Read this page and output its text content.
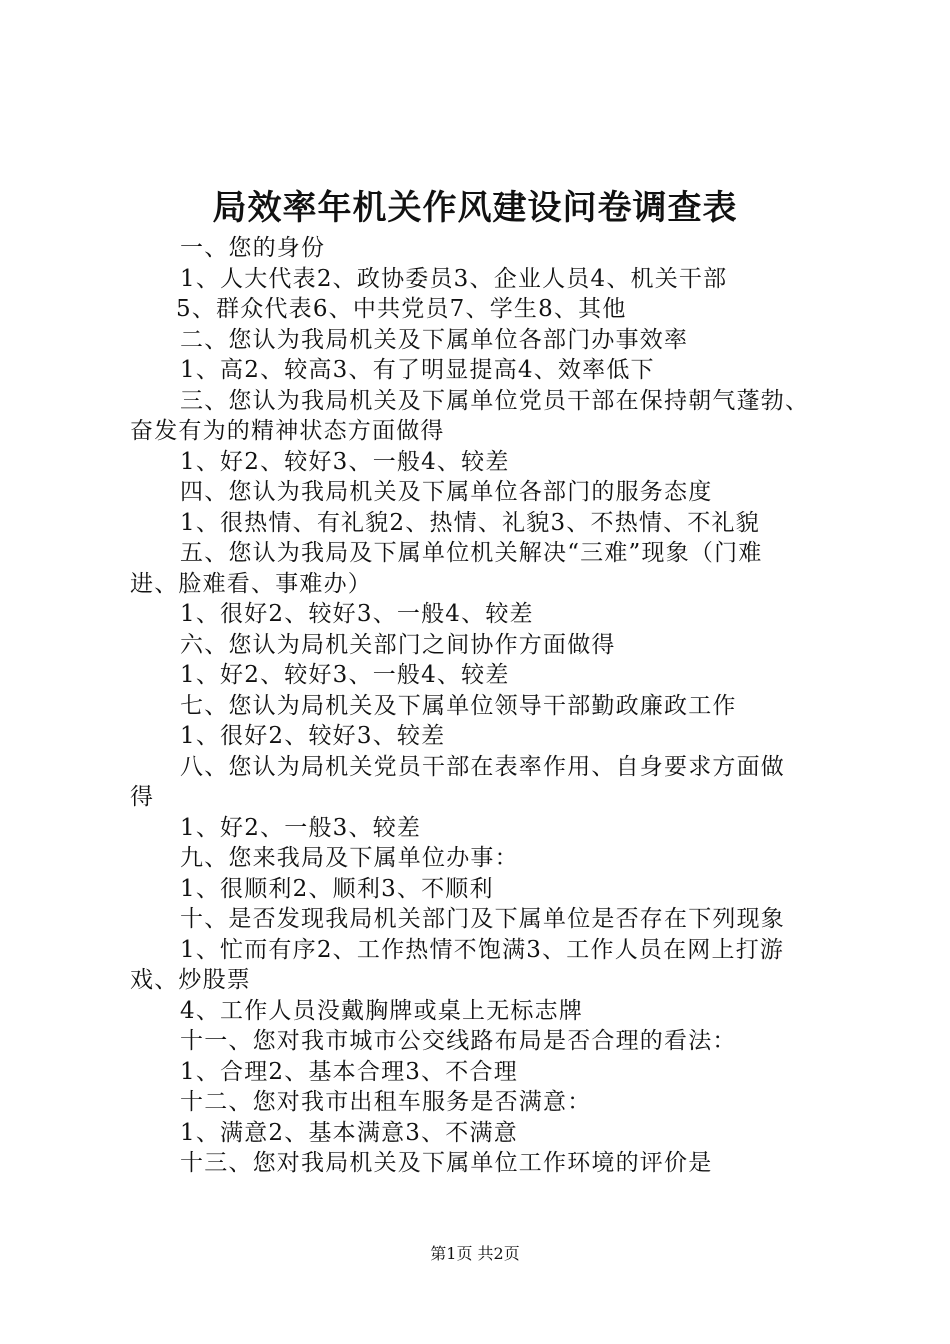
局效率年机关作风建设问卷调查表
一、您的身份
1、人大代表2、政协委员3、企业人员4、机关干部
5、群众代表6、中共党员7、学生8、其他
二、您认为我局机关及下属单位各部门办事效率
1、高2、较高3、有了明显提高4、效率低下
三、您认为我局机关及下属单位党员干部在保持朝气蓬勃、
奋发有为的精神状态方面做得
1、好2、较好3、一般4、较差
四、您认为我局机关及下属单位各部门的服务态度
1、很热情、有礼貌2、热情、礼貌3、不热情、不礼貌
五、您认为我局及下属单位机关解决“三难”现象（门难
进、脸难看、事难办）
1、很好2、较好3、一般4、较差
六、您认为局机关部门之间协作方面做得
1、好2、较好3、一般4、较差
七、您认为局机关及下属单位领导干部勤政廉政工作
1、很好2、较好3、较差
八、您认为局机关党员干部在表率作用、自身要求方面做
得
1、好2、一般3、较差
九、您来我局及下属单位办事：
1、很顺利2、顺利3、不顺利
十、是否发现我局机关部门及下属单位是否存在下列现象
1、忙而有序2、工作热情不饱满3、工作人员在网上打游
戏、炒股票
4、工作人员没戴胸牌或桌上无标志牌
十一、您对我市城市公交线路布局是否合理的看法：
1、合理2、基本合理3、不合理
十二、您对我市出租车服务是否满意：
1、满意2、基本满意3、不满意
十三、您对我局机关及下属单位工作环境的评价是
第1页 共2页
